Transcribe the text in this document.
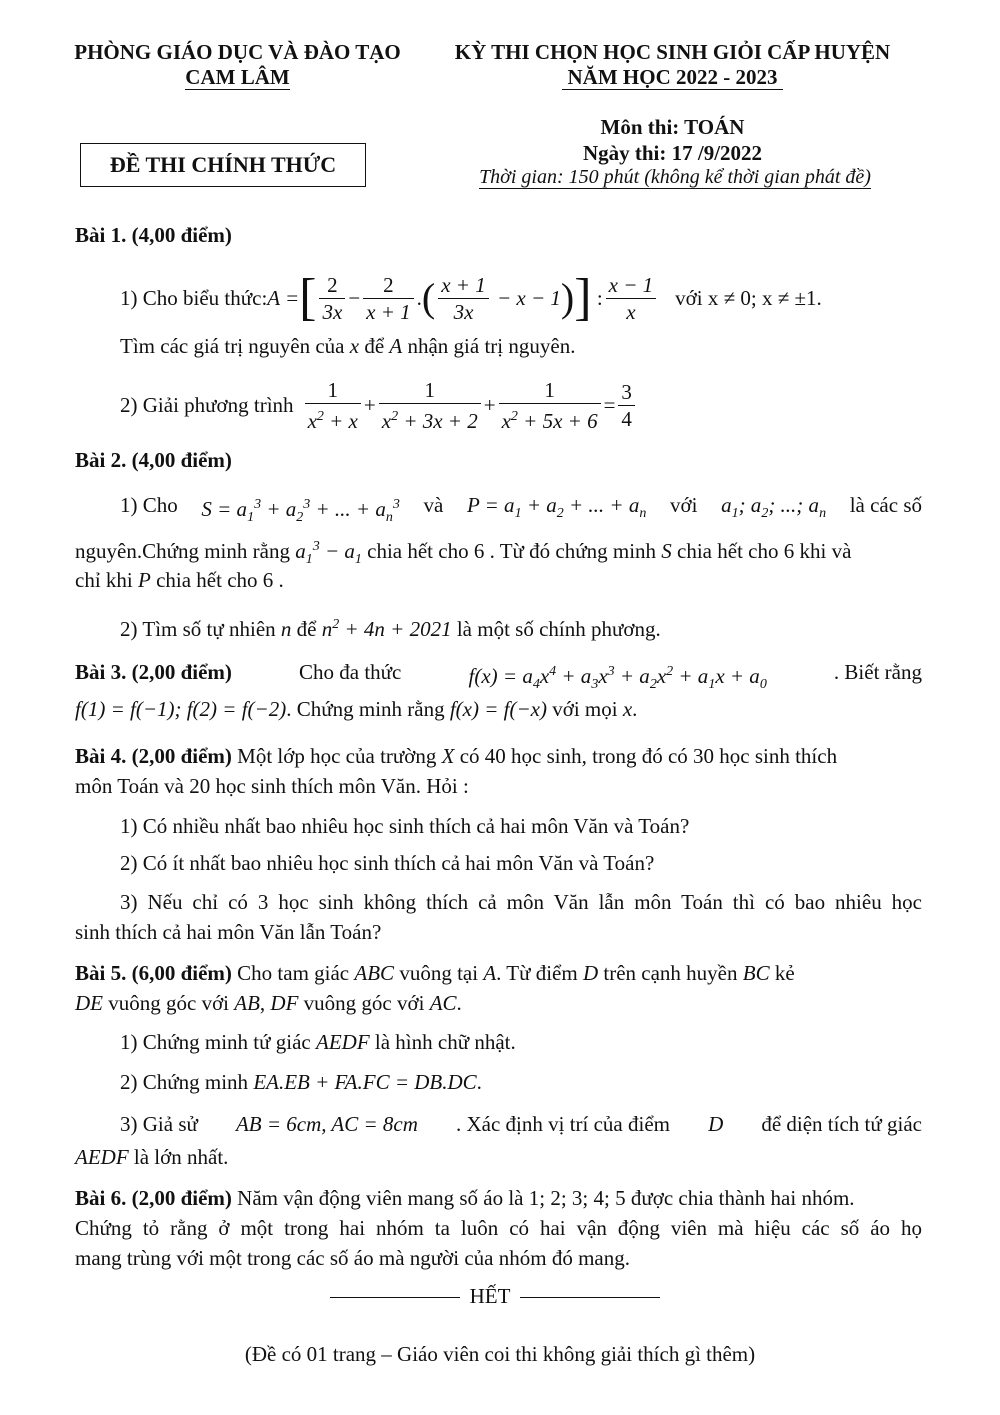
PHÒNG GIÁO DỤC VÀ ĐÀO TẠO
CAM LÂM
KỲ THI CHỌN HỌC SINH GIỎI CẤP HUYỆN
NĂM HỌC 2022 - 2023
Môn thi: TOÁN
ĐỀ THI CHÍNH THỨC	Ngày thi: 17 /9/2022
Thời gian: 150 phút (không kể thời gian phát đề)
Bài 1. (4,00 điểm)
1) Cho biểu thức: A = [ $\frac{2}{3x} - \frac{2}{x + 1}$ . ( $\frac{x + 1}{3x} - x - 1$ ) ] : $\frac{x - 1}{x}$ với x ≠ 0; x ≠ ±1.
Tìm các giá trị nguyên của x để A nhận giá trị nguyên.
2) Giải phương trình $\frac{1}{x^2 + x} + \frac{1}{x^2 + 3x + 2} + \frac{1}{x^2 + 5x + 6} = \frac{3}{4}$
Bài 2. (4,00 điểm)
1) Cho $S = a_1^3 + a_2^3$ + ... + $a_n^3$ và $P = a_1 + a_2$ + ... + $a_n$ với $a_1$; $a_2$; ...; $a_n$ là các số
nguyên.Chứng minh rằng $a_1^3 - a_1$ chia hết cho 6 . Từ đó chứng minh S chia hết cho 6 khi và
chỉ khi P chia hết cho 6 .
2) Tìm số tự nhiên n để $n^2 + 4n + 2021$ là một số chính phương.
Bài 3. (2,00 điểm)	Cho đa thức	$f(x) = a_4x^4 + a_3x^3 + a_2x^2 + a_1x + a_0$
. Biết rằng
f(1) = f(−1); f(2) = f(−2). Chứng minh rằng f(x) = f(−x) với mọi x.
Bài 4. (2,00 điểm) Một lớp học của trường X có 40 học sinh, trong đó có 30 học sinh thích
môn Toán và 20 học sinh thích môn Văn. Hỏi :
1) Có nhiều nhất bao nhiêu học sinh thích cả hai môn Văn và Toán?
2) Có ít nhất bao nhiêu học sinh thích cả hai môn Văn và Toán?
3) Nếu chỉ có 3 học sinh không thích cả môn Văn lẫn môn Toán thì có bao nhiêu học
sinh thích cả hai môn Văn lẫn Toán?
Bài 5. (6,00 điểm) Cho tam giác ABC vuông tại A. Từ điểm D trên cạnh huyền BC kẻ
DE vuông góc với AB, DF vuông góc với AC.
1) Chứng minh tứ giác AEDF là hình chữ nhật.
2) Chứng minh EA.EB + FA.FC = DB.DC.
3) Giả sử AB = 6cm, AC = 8cm . Xác định vị trí của điểm D để diện tích tứ giác
AEDF là lớn nhất.
Bài 6. (2,00 điểm) Năm vận động viên mang số áo là 1; 2; 3; 4; 5 được chia thành hai nhóm.
Chứng tỏ rằng ở một trong hai nhóm ta luôn có hai vận động viên mà hiệu các số áo họ
mang trùng với một trong các số áo mà người của nhóm đó mang.
HẾT
(Đề có 01 trang – Giáo viên coi thi không giải thích gì thêm)
